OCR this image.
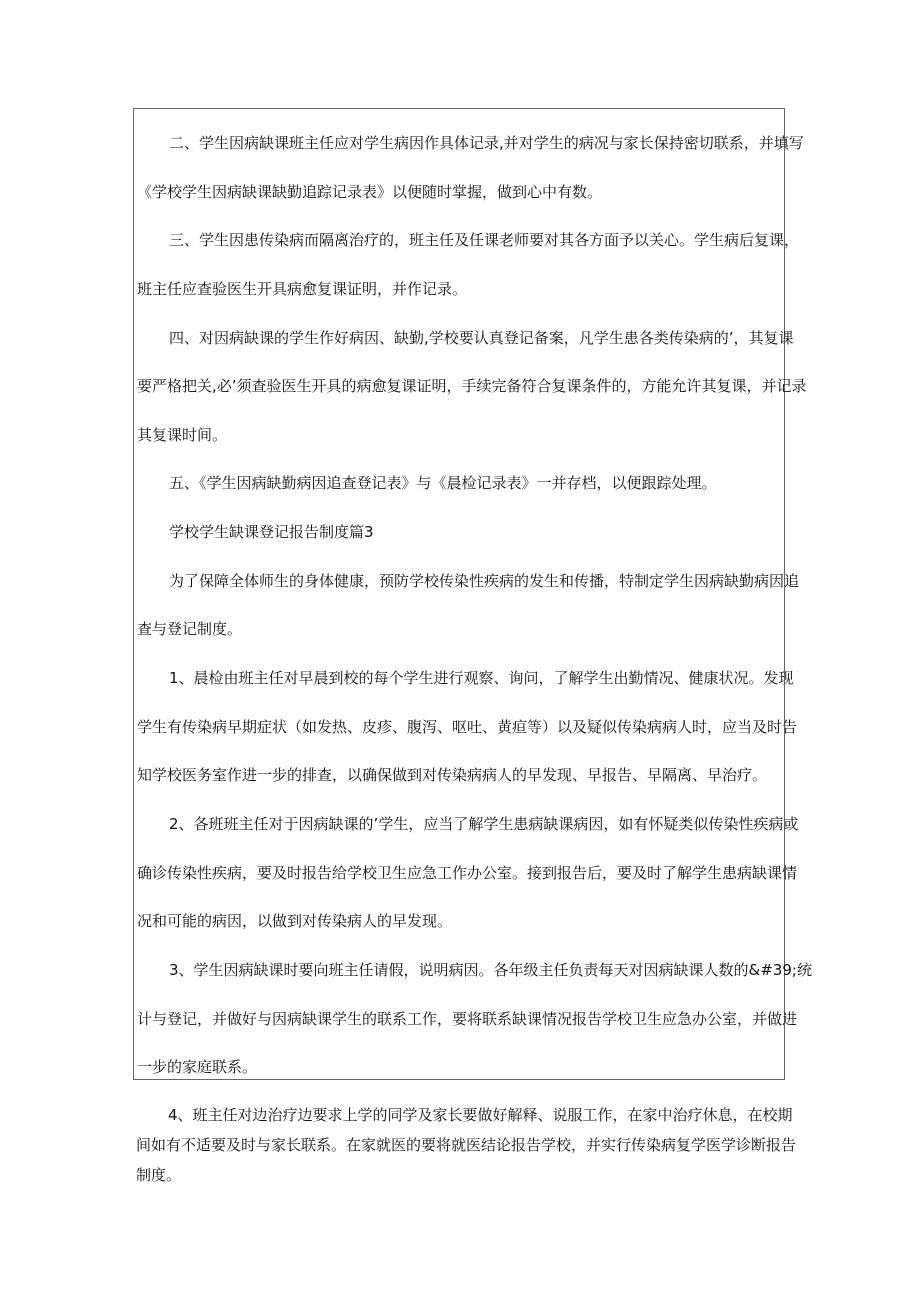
二、学生因病缺课班主任应对学生病因作具体记录,并对学生的病况与家长保持密切联系，并填写
《学校学生因病缺课缺勤追踪记录表》以便随时掌握，做到心中有数。
三、学生因患传染病而隔离治疗的，班主任及任课老师要对其各方面予以关心。学生病后复课，
班主任应查验医生开具病愈复课证明，并作记录。
四、对因病缺课的学生作好病因、缺勤,学校要认真登记备案，凡学生患各类传染病的’，其复课
要严格把关,必’须查验医生开具的病愈复课证明，手续完备符合复课条件的，方能允许其复课，并记录
其复课时间。
五、《学生因病缺勤病因追查登记表》与《晨检记录表》一并存档，以便跟踪处理。
学校学生缺课登记报告制度篇3
为了保障全体师生的身体健康，预防学校传染性疾病的发生和传播，特制定学生因病缺勤病因追
查与登记制度。
1、晨检由班主任对早晨到校的每个学生进行观察、询问，了解学生出勤情况、健康状况。发现
学生有传染病早期症状（如发热、皮疹、腹泻、呕吐、黄疸等）以及疑似传染病病人时，应当及时告
知学校医务室作进一步的排查，以确保做到对传染病病人的早发现、早报告、早隔离、早治疗。
2、各班班主任对于因病缺课的’学生，应当了解学生患病缺课病因，如有怀疑类似传染性疾病或
确诊传染性疾病，要及时报告给学校卫生应急工作办公室。接到报告后，要及时了解学生患病缺课情
况和可能的病因，以做到对传染病人的早发现。
3、学生因病缺课时要向班主任请假，说明病因。各年级主任负责每天对因病缺课人数的&#39;统
计与登记，并做好与因病缺课学生的联系工作，要将联系缺课情况报告学校卫生应急办公室，并做进
一步的家庭联系。
4、班主任对边治疗边要求上学的同学及家长要做好解释、说服工作，在家中治疗休息，在校期
间如有不适要及时与家长联系。在家就医的要将就医结论报告学校，并实行传染病复学医学诊断报告
制度。
